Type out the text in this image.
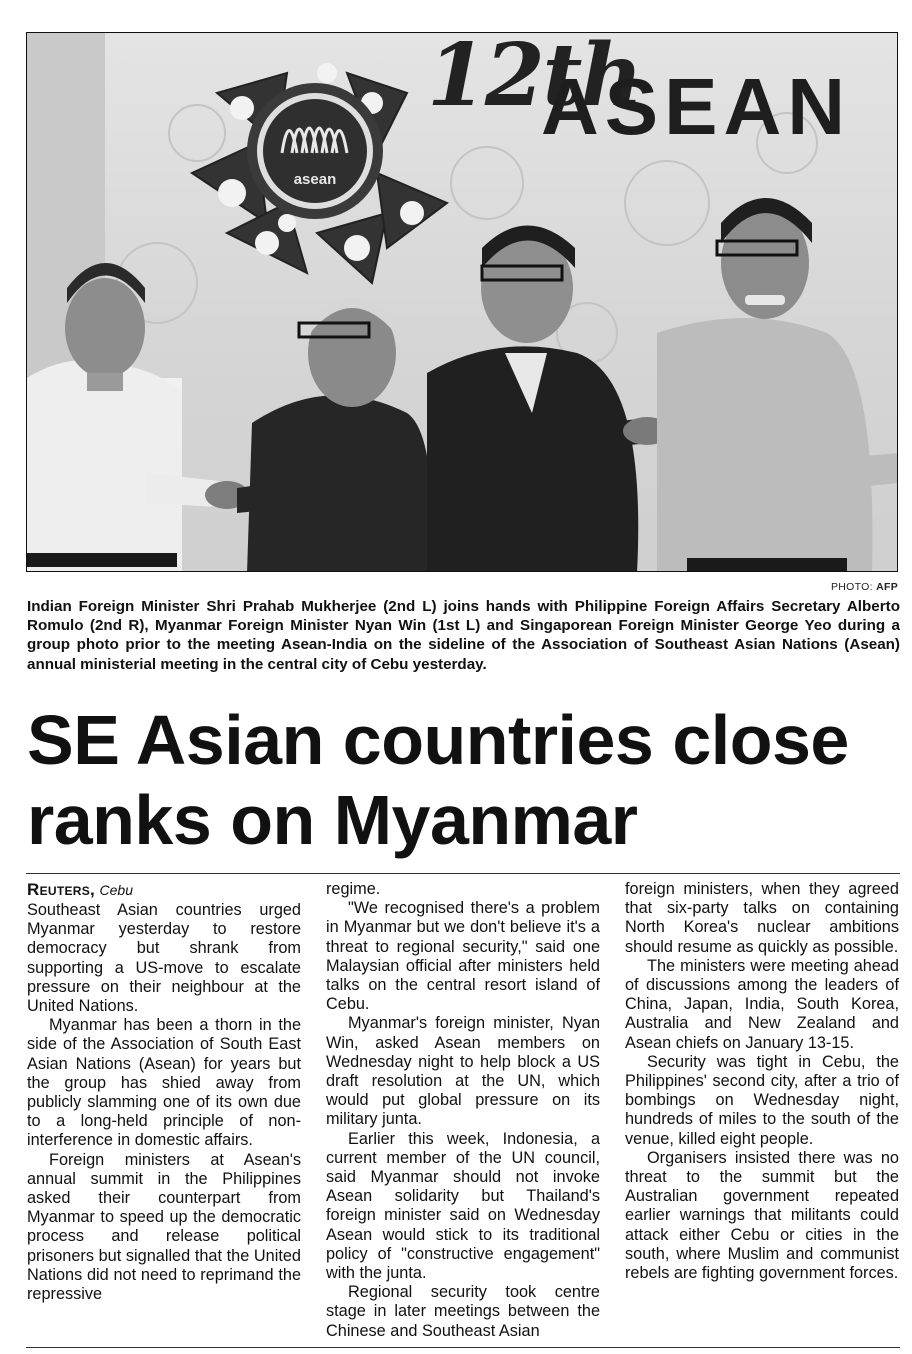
asean
12th
ASEAN
PHOTO: AFP
Indian Foreign Minister Shri Prahab Mukherjee (2nd L) joins hands with Philippine Foreign Affairs Secretary Alberto Romulo (2nd R), Myanmar Foreign Minister Nyan Win (1st L) and Singaporean Foreign Minister George Yeo during a group photo prior to the meeting Asean-India on the sideline of the Association of Southeast Asian Nations (Asean) annual ministerial meeting in the central city of Cebu yesterday.
SE Asian countries close ranks on Myanmar

Reuters, Cebu

Southeast Asian countries urged Myanmar yesterday to restore democracy but shrank from supporting a US-move to escalate pressure on their neighbour at the United Nations.

Myanmar has been a thorn in the side of the Association of South East Asian Nations (Asean) for years but the group has shied away from publicly slamming one of its own due to a long-held principle of non-interference in domestic affairs.

Foreign ministers at Asean's annual summit in the Philippines asked their counterpart from Myanmar to speed up the democratic process and release political prisoners but signalled that the United Nations did not need to reprimand the repressive

regime.

"We recognised there's a problem in Myanmar but we don't believe it's a threat to regional security," said one Malaysian official after ministers held talks on the central resort island of Cebu.

Myanmar's foreign minister, Nyan Win, asked Asean members on Wednesday night to help block a US draft resolution at the UN, which would put global pressure on its military junta.

Earlier this week, Indonesia, a current member of the UN council, said Myanmar should not invoke Asean solidarity but Thailand's foreign minister said on Wednesday Asean would stick to its traditional policy of "constructive engagement" with the junta.

Regional security took centre stage in later meetings between the Chinese and Southeast Asian

foreign ministers, when they agreed that six-party talks on containing North Korea's nuclear ambitions should resume as quickly as possible.

The ministers were meeting ahead of discussions among the leaders of China, Japan, India, South Korea, Australia and New Zealand and Asean chiefs on January 13-15.

Security was tight in Cebu, the Philippines' second city, after a trio of bombings on Wednesday night, hundreds of miles to the south of the venue, killed eight people.

Organisers insisted there was no threat to the summit but the Australian government repeated earlier warnings that militants could attack either Cebu or cities in the south, where Muslim and communist rebels are fighting government forces.
